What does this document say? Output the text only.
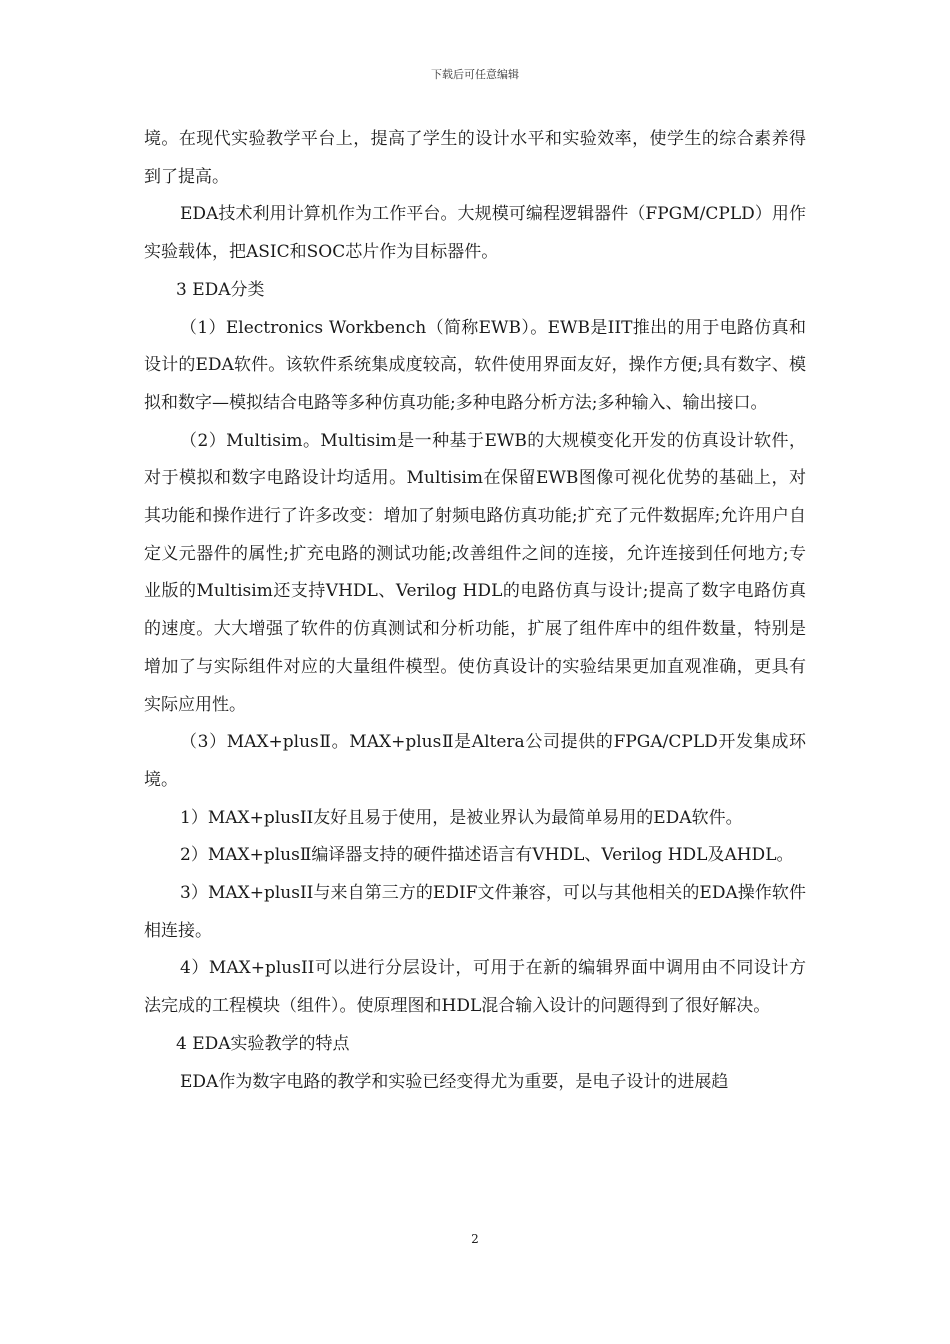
下载后可任意编辑

境。在现代实验教学平台上，提高了学生的设计水平和实验效率，使学生的综合素养得到了提高。

EDA技术利用计算机作为工作平台。大规模可编程逻辑器件（FPGM/CPLD）用作实验载体，把ASIC和SOC芯片作为目标器件。

3 EDA分类

（1）Electronics Workbench（简称EWB）。EWB是IIT推出的用于电路仿真和设计的EDA软件。该软件系统集成度较高，软件使用界面友好，操作方便;具有数字、模拟和数字—模拟结合电路等多种仿真功能;多种电路分析方法;多种输入、输出接口。

（2）Multisim。Multisim是一种基于EWB的大规模变化开发的仿真设计软件，对于模拟和数字电路设计均适用。Multisim在保留EWB图像可视化优势的基础上，对其功能和操作进行了许多改变：增加了射频电路仿真功能;扩充了元件数据库;允许用户自定义元器件的属性;扩充电路的测试功能;改善组件之间的连接，允许连接到任何地方;专业版的Multisim还支持VHDL、Verilog HDL的电路仿真与设计;提高了数字电路仿真的速度。大大增强了软件的仿真测试和分析功能，扩展了组件库中的组件数量，特别是增加了与实际组件对应的大量组件模型。使仿真设计的实验结果更加直观准确，更具有实际应用性。

（3）MAX+plusⅡ。MAX+plusⅡ是Altera公司提供的FPGA/CPLD开发集成环境。

1）MAX+plusII友好且易于使用，是被业界认为最简单易用的EDA软件。

2）MAX+plusⅡ编译器支持的硬件描述语言有VHDL、Verilog HDL及AHDL。

3）MAX+plusII与来自第三方的EDIF文件兼容，可以与其他相关的EDA操作软件相连接。

4）MAX+plusII可以进行分层设计，可用于在新的编辑界面中调用由不同设计方法完成的工程模块（组件）。使原理图和HDL混合输入设计的问题得到了很好解决。

4 EDA实验教学的特点

EDA作为数字电路的教学和实验已经变得尤为重要，是电子设计的进展趋

2
